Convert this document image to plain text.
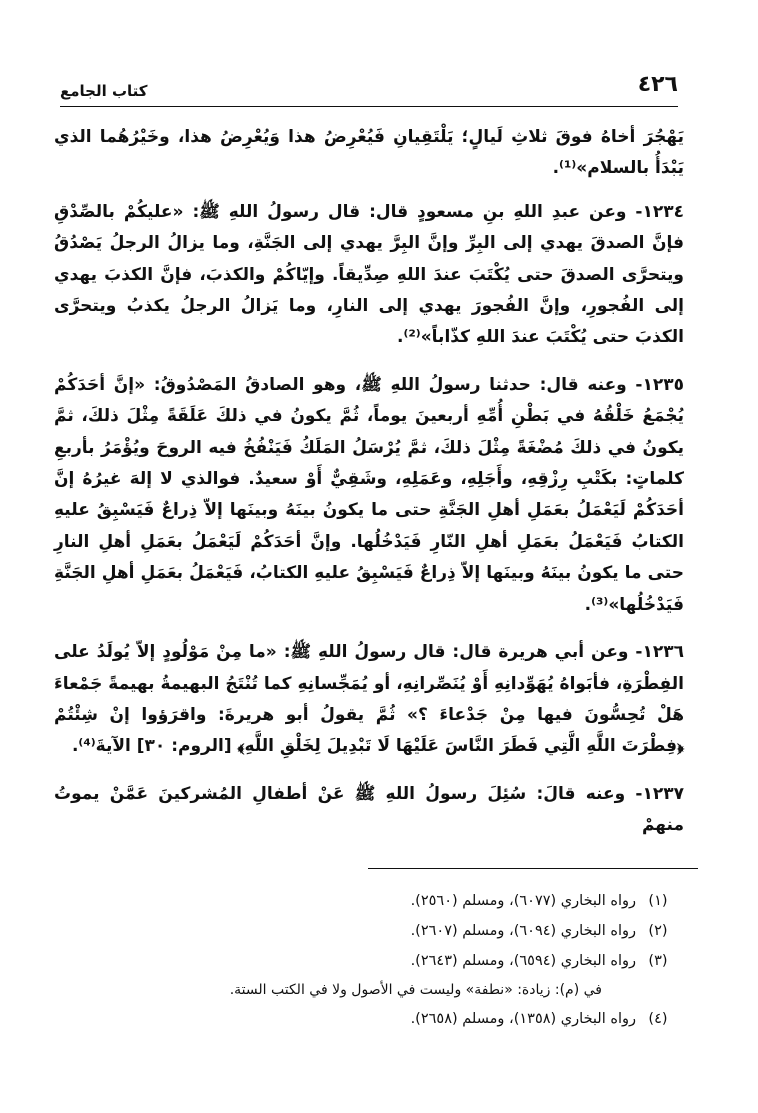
كتاب الجامع	٤٢٦

يَهْجُرَ أخاهُ فوقَ ثلاثِ لَيالٍ؛ يَلْتَقِيانِ فَيُعْرِضُ هذا وَيُعْرِضُ هذا، وخَيْرُهُما الذي يَبْدَأُ بالسلام»⁽¹⁾.

١٢٣٤- وعن عبدِ اللهِ بنِ مسعودٍ قال: قال رسولُ اللهِ ﷺ: «عليكُمْ بالصِّدْقِ فإنَّ الصدقَ يهدي إلى البِرِّ وإنَّ البِرَّ يهدي إلى الجَنَّةِ، وما يزالُ الرجلُ يَصْدُقُ ويتحرَّى الصدقَ حتى يُكْتَبَ عندَ اللهِ صِدِّيقاً. وإيّاكُمْ والكذبَ، فإنَّ الكذبَ يهدي إلى الفُجورِ، وإنَّ الفُجورَ يهدي إلى النارِ، وما يَزالُ الرجلُ يكذبُ ويتحرَّى الكذبَ حتى يُكْتَبَ عندَ اللهِ كذّاباً»⁽²⁾.

١٢٣٥- وعنه قال: حدثنا رسولُ اللهِ ﷺ، وهو الصادقُ المَصْدُوقُ: «إنَّ أحَدَكُمْ يُجْمَعُ خَلْقُهُ في بَطْنِ أُمِّهِ أربعينَ يوماً، ثُمَّ يكونُ في ذلكَ عَلَقَةً مِثْلَ ذلكَ، ثمَّ يكونُ في ذلكَ مُضْغَةً مِثْلَ ذلكَ، ثمَّ يُرْسَلُ المَلَكُ فَيَنْفُخُ فيه الروحَ ويُؤْمَرُ بأربعِ كلماتٍ: بكَتْبِ رِزْقِهِ، وأَجَلِهِ، وعَمَلِهِ، وشَقِيٌّ أَوْ سعيدٌ. فوالذي لا إلهَ غيرُهُ إنَّ أحَدَكُمْ لَيَعْمَلُ بعَمَلِ أهلِ الجَنَّةِ حتى ما يكونُ بينَهُ وبينَها إلاّ ذِراعٌ فَيَسْبِقُ عليهِ الكتابُ فَيَعْمَلُ بعَمَلِ أهلِ النّارِ فَيَدْخُلُها. وإنَّ أحَدَكُمْ لَيَعْمَلُ بعَمَلِ أهلِ النارِ حتى ما يكونُ بينَهُ وبينَها إلاّ ذِراعٌ فَيَسْبِقُ عليهِ الكتابُ، فَيَعْمَلُ بعَمَلِ أهلِ الجَنَّةِ فَيَدْخُلُها»⁽³⁾.

١٢٣٦- وعن أبي هريرة قال: قال رسولُ اللهِ ﷺ: «ما مِنْ مَوْلُودٍ إلاّ يُولَدُ على الفِطْرَةِ، فأبَواهُ يُهَوِّدانِهِ أَوْ يُنَصِّرانِهِ، أو يُمَجِّسانِهِ كما تُنْتَجُ البهيمةُ بهيمةً جَمْعاءَ هَلْ تُحِسُّونَ فيها مِنْ جَدْعاءَ ؟» ثُمَّ يقولُ أبو هريرةَ: واقرَؤوا إنْ شِئْتُمْ ﴿فِطْرَتَ اللَّهِ الَّتِي فَطَرَ النَّاسَ عَلَيْهَا لَا تَبْدِيلَ لِخَلْقِ اللَّهِ﴾ [الروم: ٣٠] الآيةَ⁽⁴⁾.

١٢٣٧- وعنه قالَ: سُئِلَ رسولُ اللهِ ﷺ عَنْ أطفالِ المُشركينَ عَمَّنْ يموتُ منهمْ

(١)
رواه البخاري (٦٠٧٧)، ومسلم (٢٥٦٠).
(٢)
رواه البخاري (٦٠٩٤)، ومسلم (٢٦٠٧).
(٣)
رواه البخاري (٦٥٩٤)، ومسلم (٢٦٤٣).
في (م): زيادة: «نطفة» وليست في الأصول ولا في الكتب الستة.
(٤)
رواه البخاري (١٣٥٨)، ومسلم (٢٦٥٨).
